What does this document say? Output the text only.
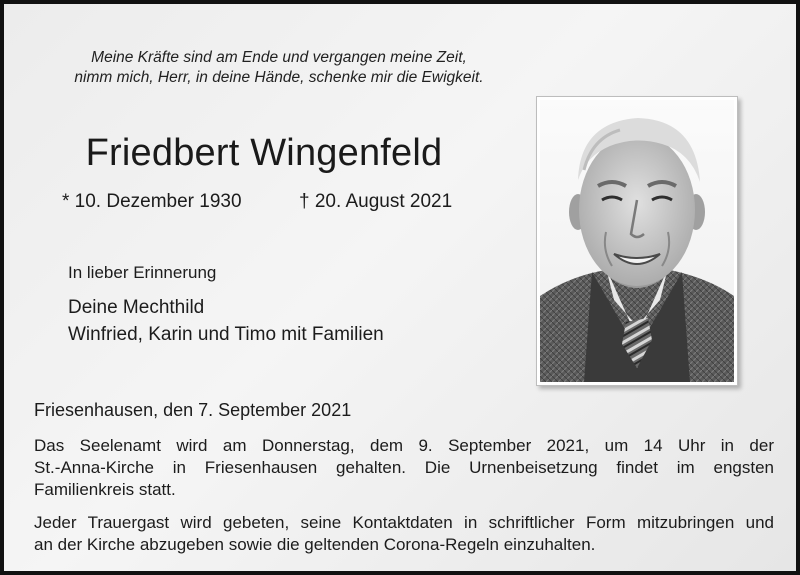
Meine Kräfte sind am Ende und vergangen meine Zeit,
nimm mich, Herr, in deine Hände, schenke mir die Ewigkeit.
Friedbert Wingenfeld
* 10. Dezember 1930	† 20. August 2021
In lieber Erinnerung
Deine Mechthild
Winfried, Karin und Timo mit Familien
Friesenhausen, den 7. September 2021
Das Seelenamt wird am Donnerstag, dem 9. September 2021, um 14 Uhr in der
St.-Anna-Kirche in Friesenhausen gehalten. Die Urnenbeisetzung findet im engsten
Familienkreis statt.
Jeder Trauergast wird gebeten, seine Kontaktdaten in schriftlicher Form mitzubringen und
an der Kirche abzugeben sowie die geltenden Corona-Regeln einzuhalten.
